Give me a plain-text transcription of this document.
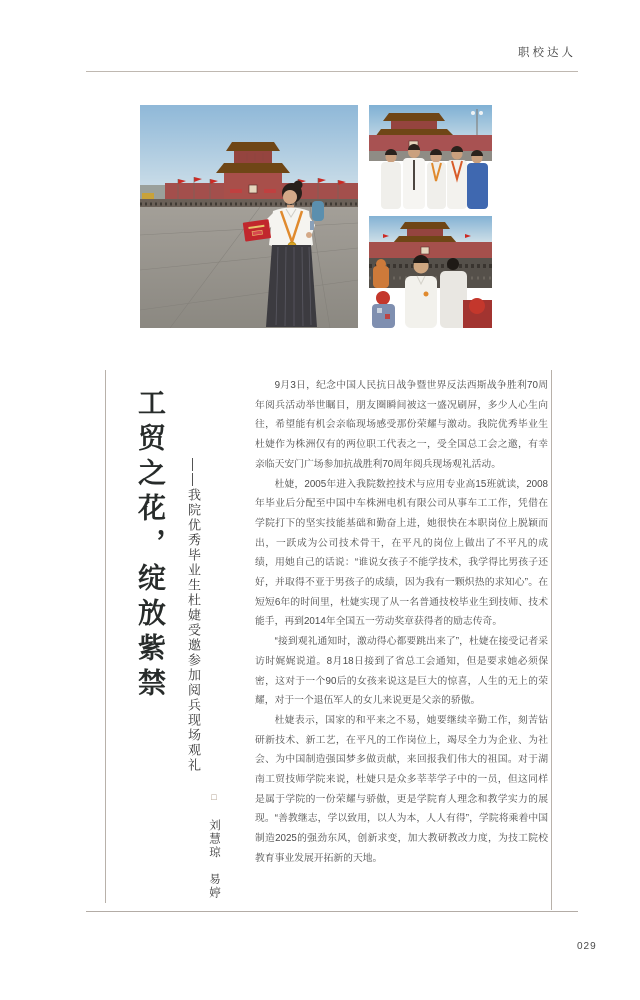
职校达人
工贸之花，绽放紫禁	——我院优秀毕业生杜婕受邀参加阅兵现场观礼
□ 刘慧琼　易婷

9月3日，纪念中国人民抗日战争暨世界反法西斯战争胜利70周年阅兵活动举世瞩目，朋友圈瞬间被这一盛况刷屏，多少人心生向往，希望能有机会亲临现场感受那份荣耀与激动。我院优秀毕业生杜婕作为株洲仅有的两位职工代表之一，受全国总工会之邀，有幸亲临天安门广场参加抗战胜利70周年阅兵现场观礼活动。

杜婕，2005年进入我院数控技术与应用专业高15班就读，2008年毕业后分配至中国中车株洲电机有限公司从事车工工作，凭借在学院打下的坚实技能基础和勤奋上进，她很快在本职岗位上脱颖而出，一跃成为公司技术骨干，在平凡的岗位上做出了不平凡的成绩，用她自己的话说：“谁说女孩子不能学技术，我学得比男孩子还好，并取得不亚于男孩子的成绩，因为我有一颗炽热的求知心”。在短短6年的时间里，杜婕实现了从一名普通技校毕业生到技师、技术能手，再到2014年全国五一劳动奖章获得者的励志传奇。

“接到观礼通知时，激动得心都要跳出来了”，杜婕在接受记者采访时娓娓说道。8月18日接到了省总工会通知，但是要求她必须保密，这对于一个90后的女孩来说这是巨大的惊喜，人生的无上的荣耀，对于一个退伍军人的女儿来说更是父亲的骄傲。

杜婕表示，国家的和平来之不易，她要继续辛勤工作，刻苦钻研新技术、新工艺，在平凡的工作岗位上，竭尽全力为企业、为社会、为中国制造强国梦多做贡献，来回报我们伟大的祖国。对于湖南工贸技师学院来说，杜婕只是众多莘莘学子中的一员，但这同样是属于学院的一份荣耀与骄傲，更是学院育人理念和教学实力的展现。“善教继志，学以致用，以人为本，人人有得”，学院将乘着中国制造2025的强劲东风，创新求变，加大教研教改力度，为技工院校教育事业发展开拓新的天地。

029
